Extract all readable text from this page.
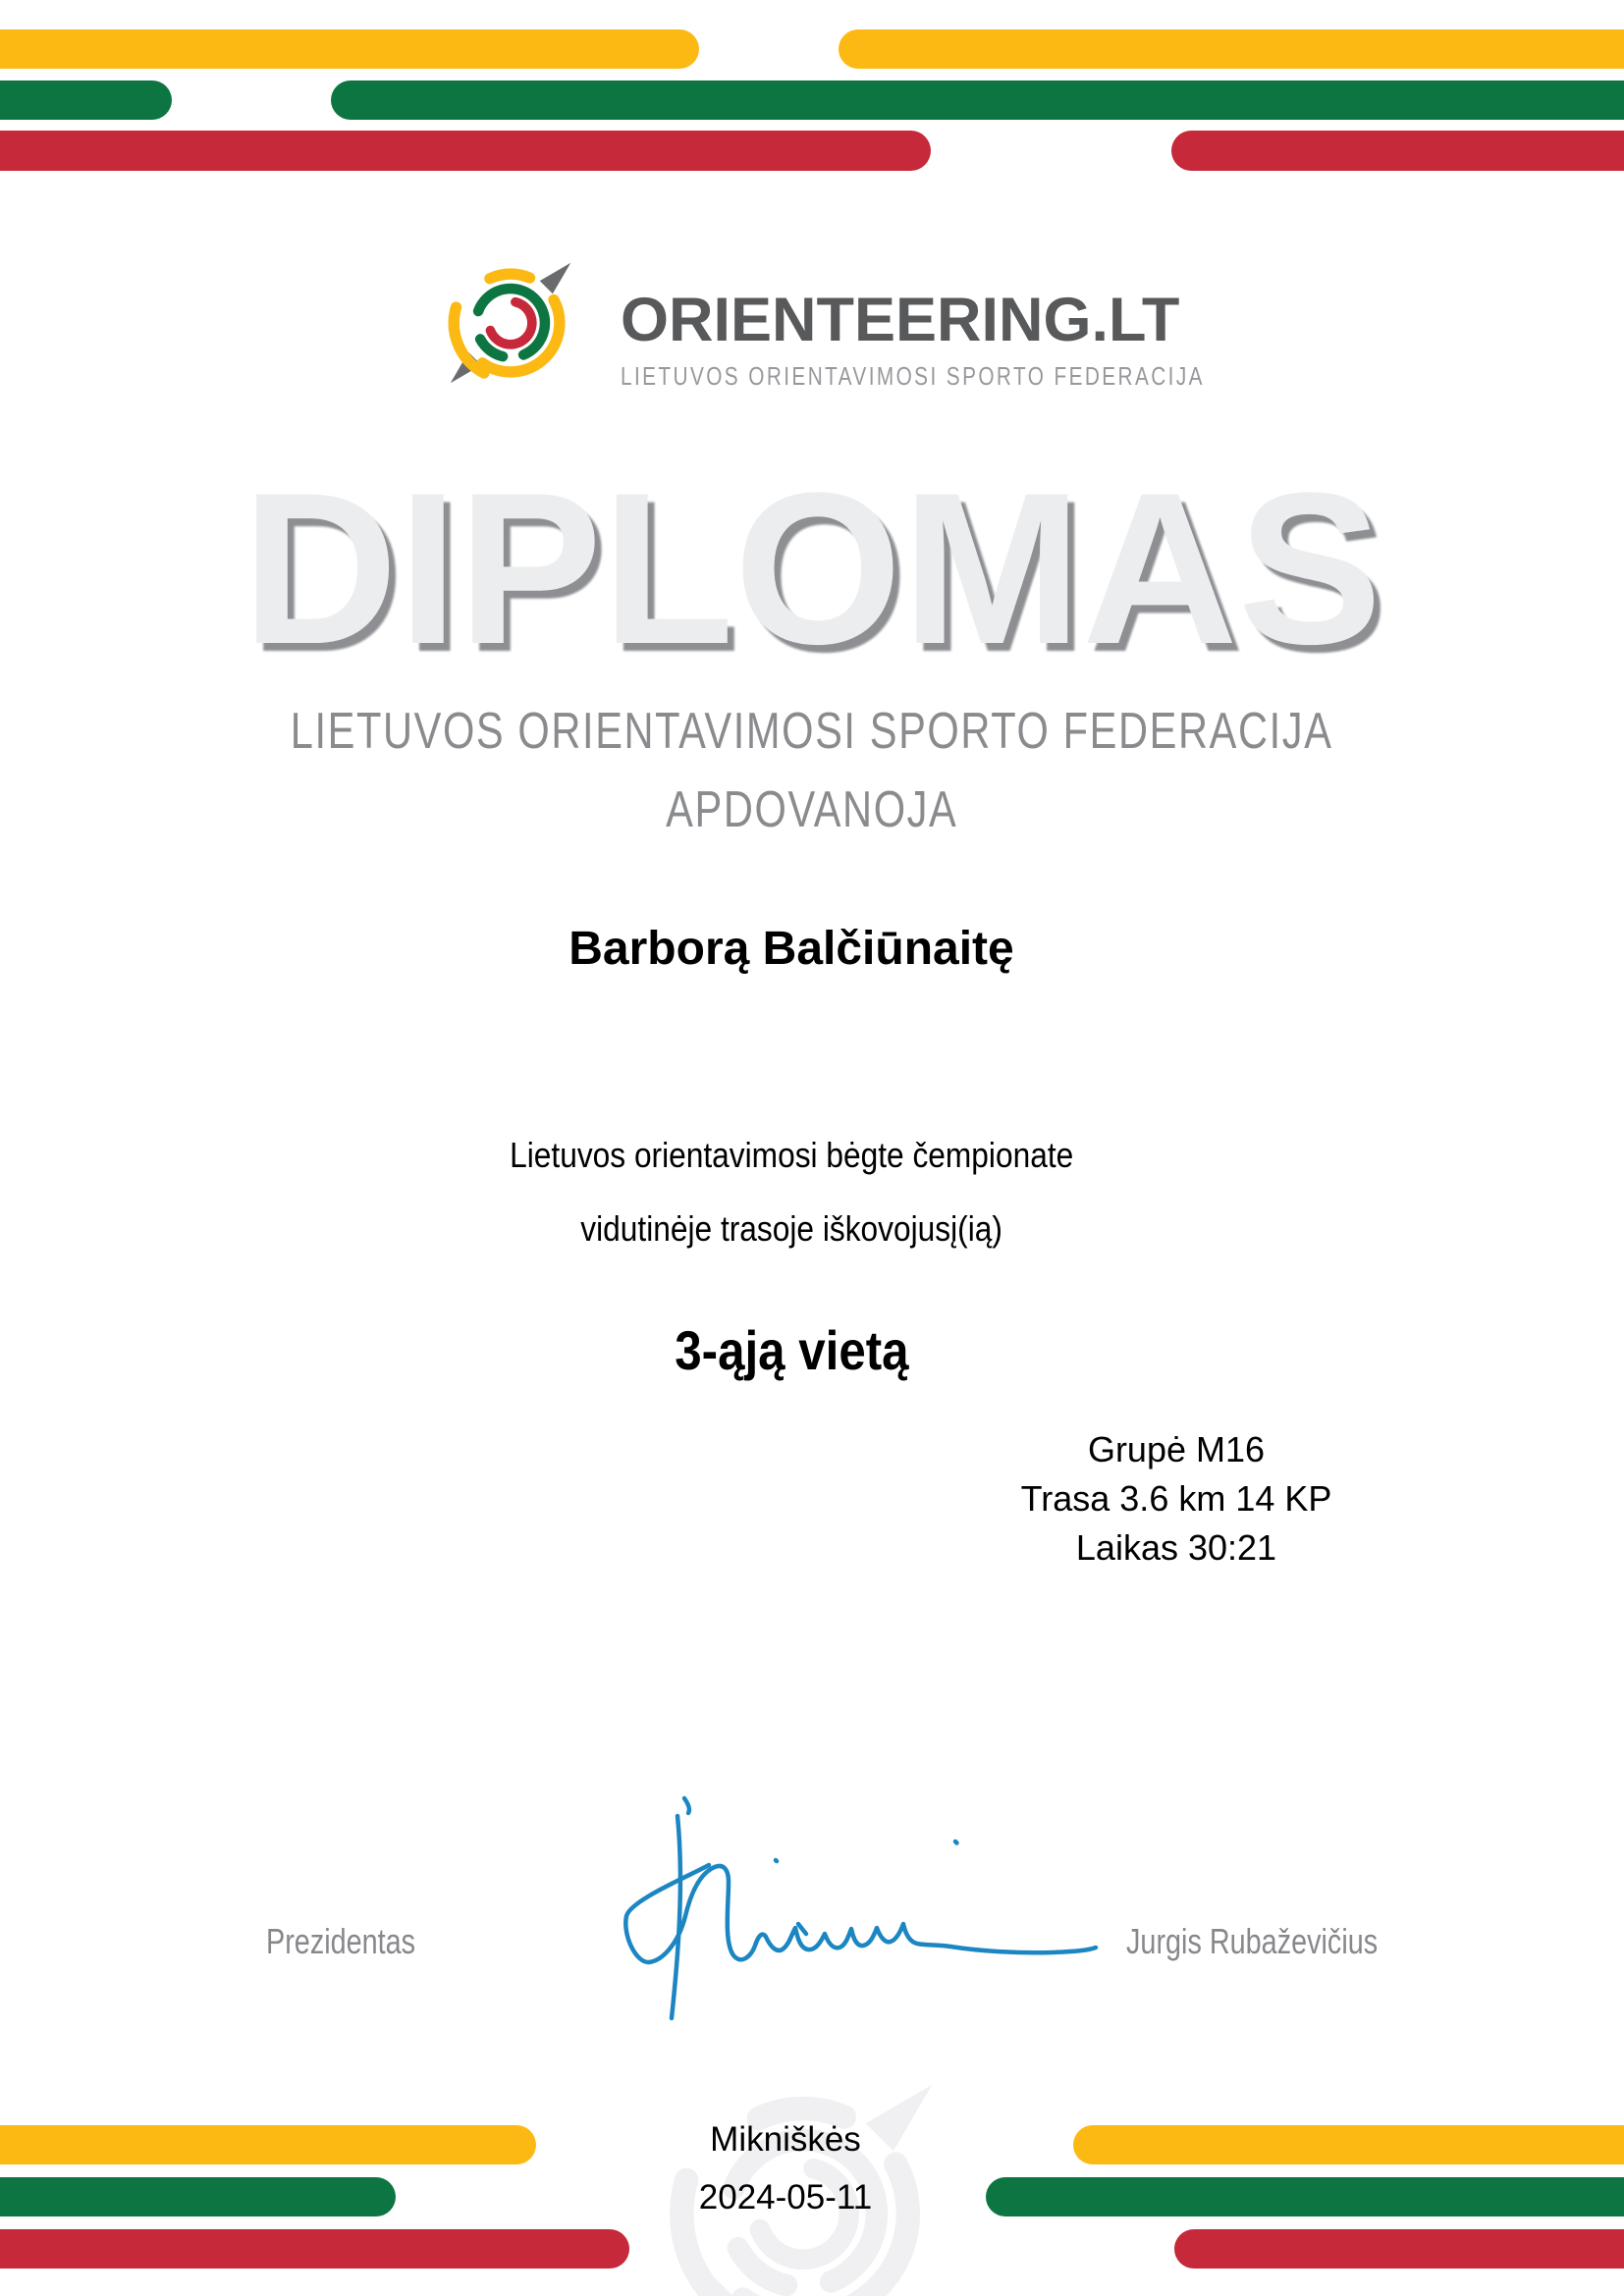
ORIENTEERING.LT
LIETUVOS ORIENTAVIMOSI SPORTO FEDERACIJA
DIPLOMAS
LIETUVOS ORIENTAVIMOSI SPORTO FEDERACIJA
APDOVANOJA
Barborą Balčiūnaitę
Lietuvos orientavimosi bėgte čempionate
vidutinėje trasoje iškovojusį(ią)
3-ąją vietą
Grupė M16
Trasa 3.6 km 14 KP
Laikas 30:21
Prezidentas	Jurgis Rubaževičius
Mikniškės
2024-05-11
